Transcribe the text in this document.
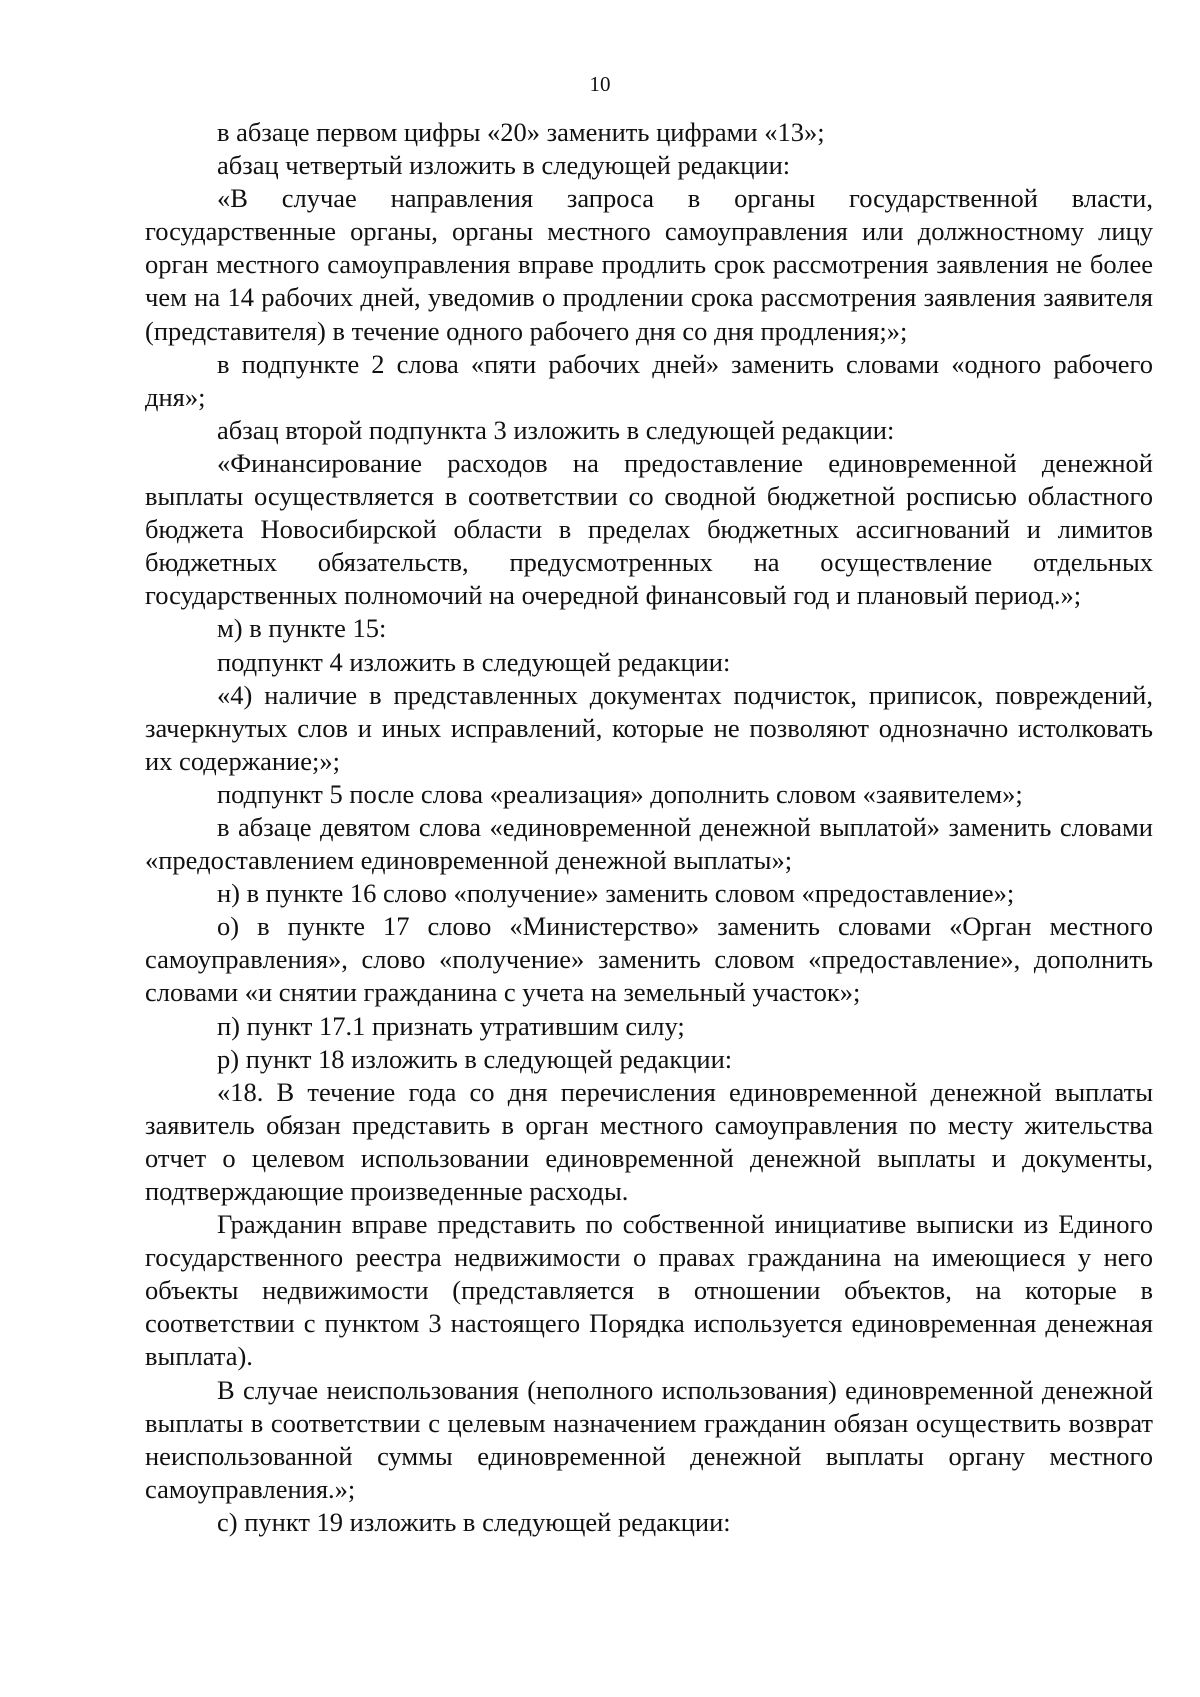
10

в абзаце первом цифры «20» заменить цифрами «13»;

абзац четвертый изложить в следующей редакции:

«В случае направления запроса в органы государственной власти, государственные органы, органы местного самоуправления или должностному лицу орган местного самоуправления вправе продлить срок рассмотрения заявления не более чем на 14 рабочих дней, уведомив о продлении срока рассмотрения заявления заявителя (представителя) в течение одного рабочего дня со дня продления;»;

в подпункте 2 слова «пяти рабочих дней» заменить словами «одного рабочего дня»;

абзац второй подпункта 3 изложить в следующей редакции:

«Финансирование расходов на предоставление единовременной денежной выплаты осуществляется в соответствии со сводной бюджетной росписью областного бюджета Новосибирской области в пределах бюджетных ассигнований и лимитов бюджетных обязательств, предусмотренных на осуществление отдельных государственных полномочий на очередной финансовый год и плановый период.»;

м) в пункте 15:

подпункт 4 изложить в следующей редакции:

«4) наличие в представленных документах подчисток, приписок, повреждений, зачеркнутых слов и иных исправлений, которые не позволяют однозначно истолковать их содержание;»;

подпункт 5 после слова «реализация» дополнить словом «заявителем»;

в абзаце девятом слова «единовременной денежной выплатой» заменить словами «предоставлением единовременной денежной выплаты»;

н) в пункте 16 слово «получение» заменить словом «предоставление»;

о) в пункте 17 слово «Министерство» заменить словами «Орган местного самоуправления», слово «получение» заменить словом «предоставление», дополнить словами «и снятии гражданина с учета на земельный участок»;

п) пункт 17.1 признать утратившим силу;

р) пункт 18 изложить в следующей редакции:

«18. В течение года со дня перечисления единовременной денежной выплаты заявитель обязан представить в орган местного самоуправления по месту жительства отчет о целевом использовании единовременной денежной выплаты и документы, подтверждающие произведенные расходы.

Гражданин вправе представить по собственной инициативе выписки из Единого государственного реестра недвижимости о правах гражданина на имеющиеся у него объекты недвижимости (представляется в отношении объектов, на которые в соответствии с пунктом 3 настоящего Порядка используется единовременная денежная выплата).

В случае неиспользования (неполного использования) единовременной денежной выплаты в соответствии с целевым назначением гражданин обязан осуществить возврат неиспользованной суммы единовременной денежной выплаты органу местного самоуправления.»;

с) пункт 19 изложить в следующей редакции:
